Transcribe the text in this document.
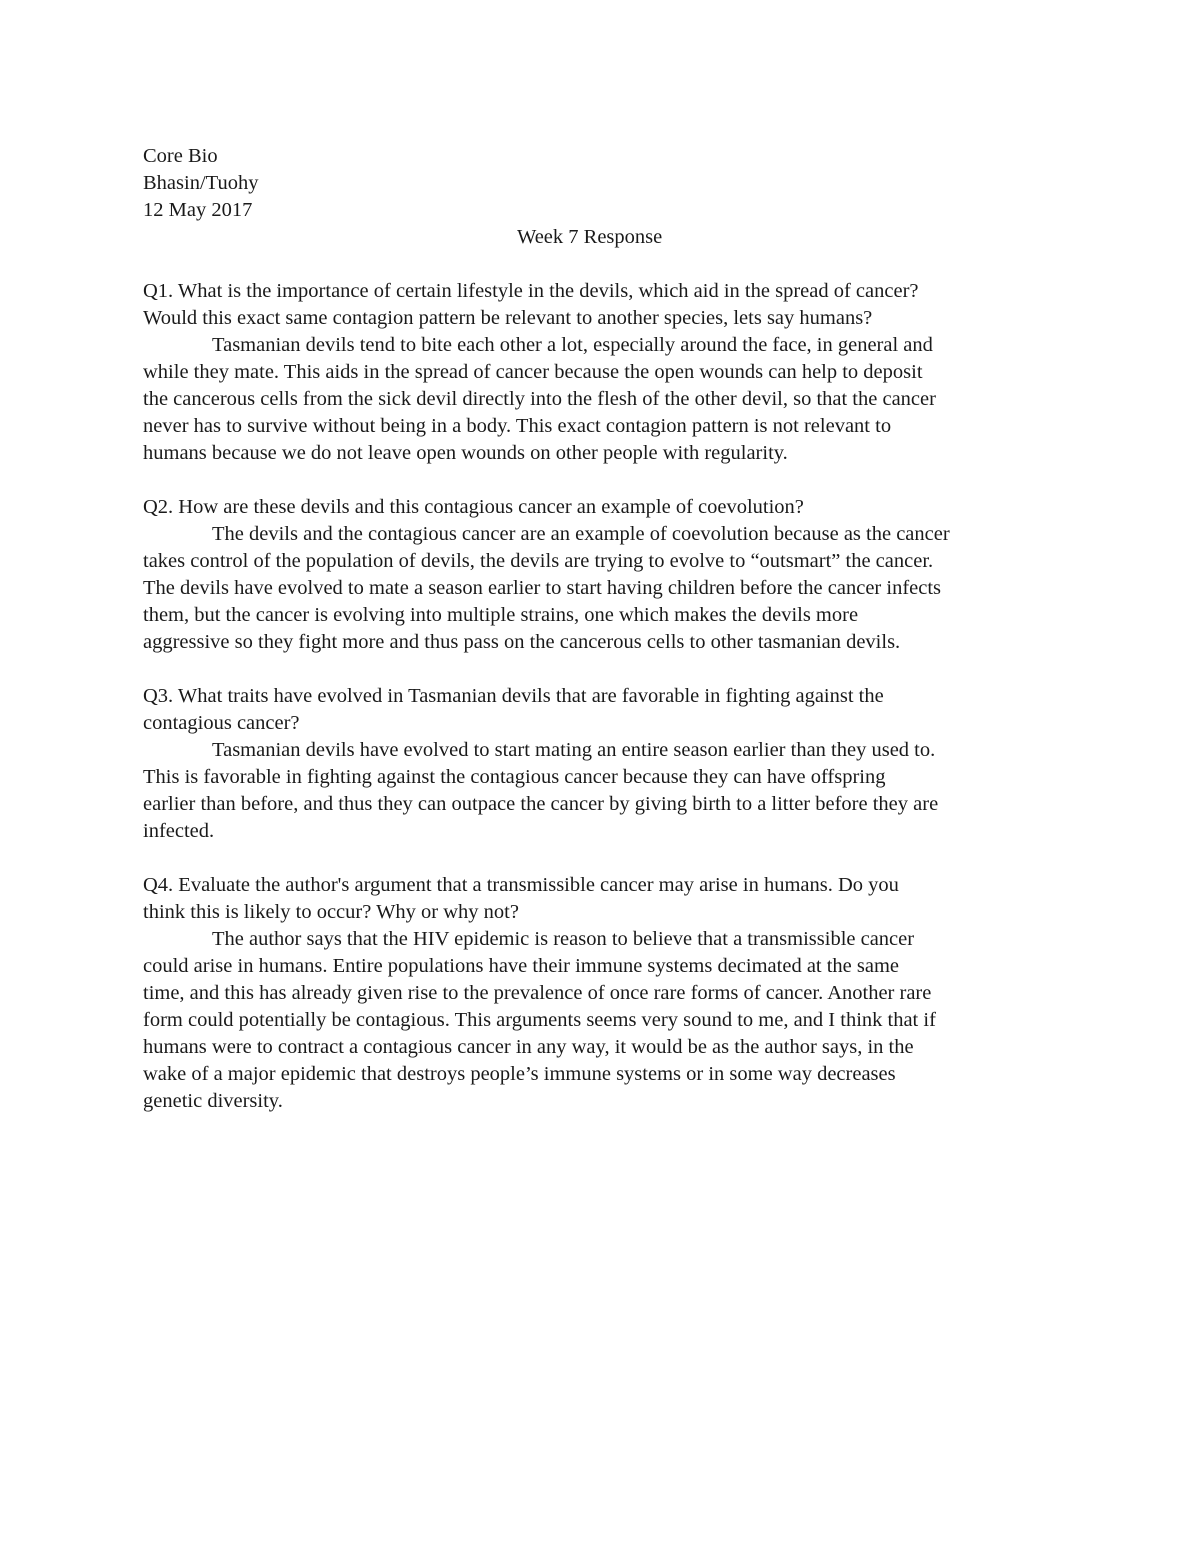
Core Bio
Bhasin/Tuohy
12 May 2017
Week 7 Response
Q1. What is the importance of certain lifestyle in the devils, which aid in the spread of cancer?
Would this exact same contagion pattern be relevant to another species, lets say humans?
Tasmanian devils tend to bite each other a lot, especially around the face, in general and
while they mate. This aids in the spread of cancer because the open wounds can help to deposit
the cancerous cells from the sick devil directly into the flesh of the other devil, so that the cancer
never has to survive without being in a body. This exact contagion pattern is not relevant to
humans because we do not leave open wounds on other people with regularity.
Q2. How are these devils and this contagious cancer an example of coevolution?
The devils and the contagious cancer are an example of coevolution because as the cancer
takes control of the population of devils, the devils are trying to evolve to “outsmart” the cancer.
The devils have evolved to mate a season earlier to start having children before the cancer infects
them, but the cancer is evolving into multiple strains, one which makes the devils more
aggressive so they fight more and thus pass on the cancerous cells to other tasmanian devils.
Q3. What traits have evolved in Tasmanian devils that are favorable in fighting against the
contagious cancer?
Tasmanian devils have evolved to start mating an entire season earlier than they used to.
This is favorable in fighting against the contagious cancer because they can have offspring
earlier than before, and thus they can outpace the cancer by giving birth to a litter before they are
infected.
Q4. Evaluate the author's argument that a transmissible cancer may arise in humans. Do you
think this is likely to occur? Why or why not?
The author says that the HIV epidemic is reason to believe that a transmissible cancer
could arise in humans. Entire populations have their immune systems decimated at the same
time, and this has already given rise to the prevalence of once rare forms of cancer. Another rare
form could potentially be contagious. This arguments seems very sound to me, and I think that if
humans were to contract a contagious cancer in any way, it would be as the author says, in the
wake of a major epidemic that destroys people’s immune systems or in some way decreases
genetic diversity.
